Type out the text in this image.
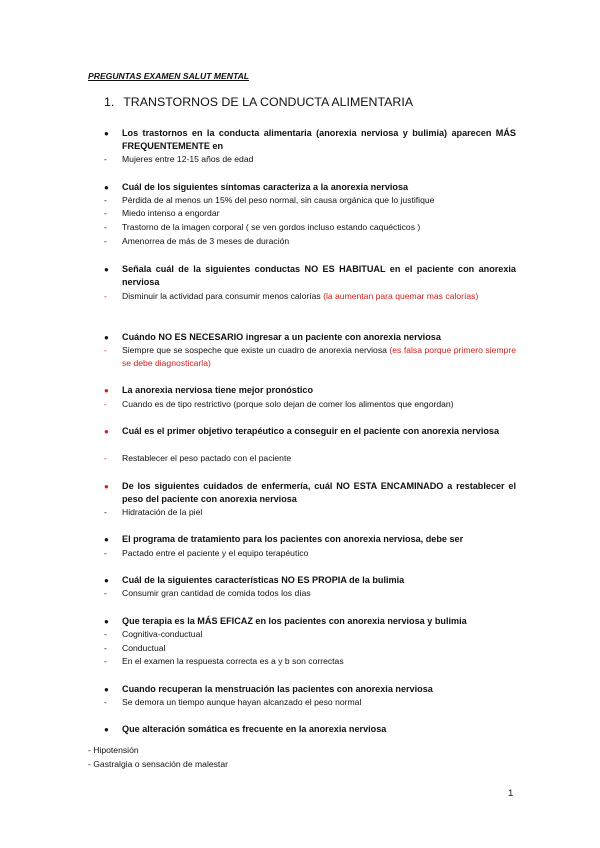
PREGUNTAS EXAMEN SALUT MENTAL
1. TRANSTORNOS DE LA CONDUCTA ALIMENTARIA
● Los trastornos en la conducta alimentaria (anorexia nerviosa y bulimia) aparecen MÁS FREQUENTEMENTE en
- Mujeres entre 12-15 años de edad
● Cuál de los siguientes síntomas caracteriza a la anorexia nerviosa
- Pérdida de al menos un 15% del peso normal, sin causa orgánica que lo justifique
- Miedo intenso a engordar
- Trastorno de la imagen corporal ( se ven gordos incluso estando caquécticos )
- Amenorrea de más de 3 meses de duración
● Señala cuál de la siguientes conductas NO ES HABITUAL en el paciente con anorexia nerviosa
- Disminuir la actividad para consumir menos calorías (la aumentan para quemar mas calorías)
● Cuándo NO ES NECESARIO ingresar a un paciente con anorexia nerviosa
- Siempre que se sospeche que existe un cuadro de anorexia nerviosa (es falsa porque primero siempre se debe diagnosticarla)
● La anorexia nerviosa tiene mejor pronóstico
- Cuando es de tipo restrictivo (porque solo dejan de comer los alimentos que engordan)
● Cuál es el primer objetivo terapéutico a conseguir en el paciente con anorexia nerviosa
- Restablecer el peso pactado con el paciente
● De los siguientes cuidados de enfermería, cuál NO ESTA ENCAMINADO a restablecer el peso del paciente con anorexia nerviosa
- Hidratación de la piel
● El programa de tratamiento para los pacientes con anorexia nerviosa, debe ser
- Pactado entre el paciente y el equipo terapéutico
● Cuál de la siguientes características NO ES PROPIA de la bulimia
- Consumir gran cantidad de comida todos los días
● Que terapia es la MÁS EFICAZ en los pacientes con anorexia nerviosa y bulimia
- Cognitiva-conductual
- Conductual
- En el examen la respuesta correcta es a y b son correctas
● Cuando recuperan la menstruación las pacientes con anorexia nerviosa
- Se demora un tiempo aunque hayan alcanzado el peso normal
● Que alteración somática es frecuente en la anorexia nerviosa
- Hipotensión
- Gastralgia o sensación de malestar
1
